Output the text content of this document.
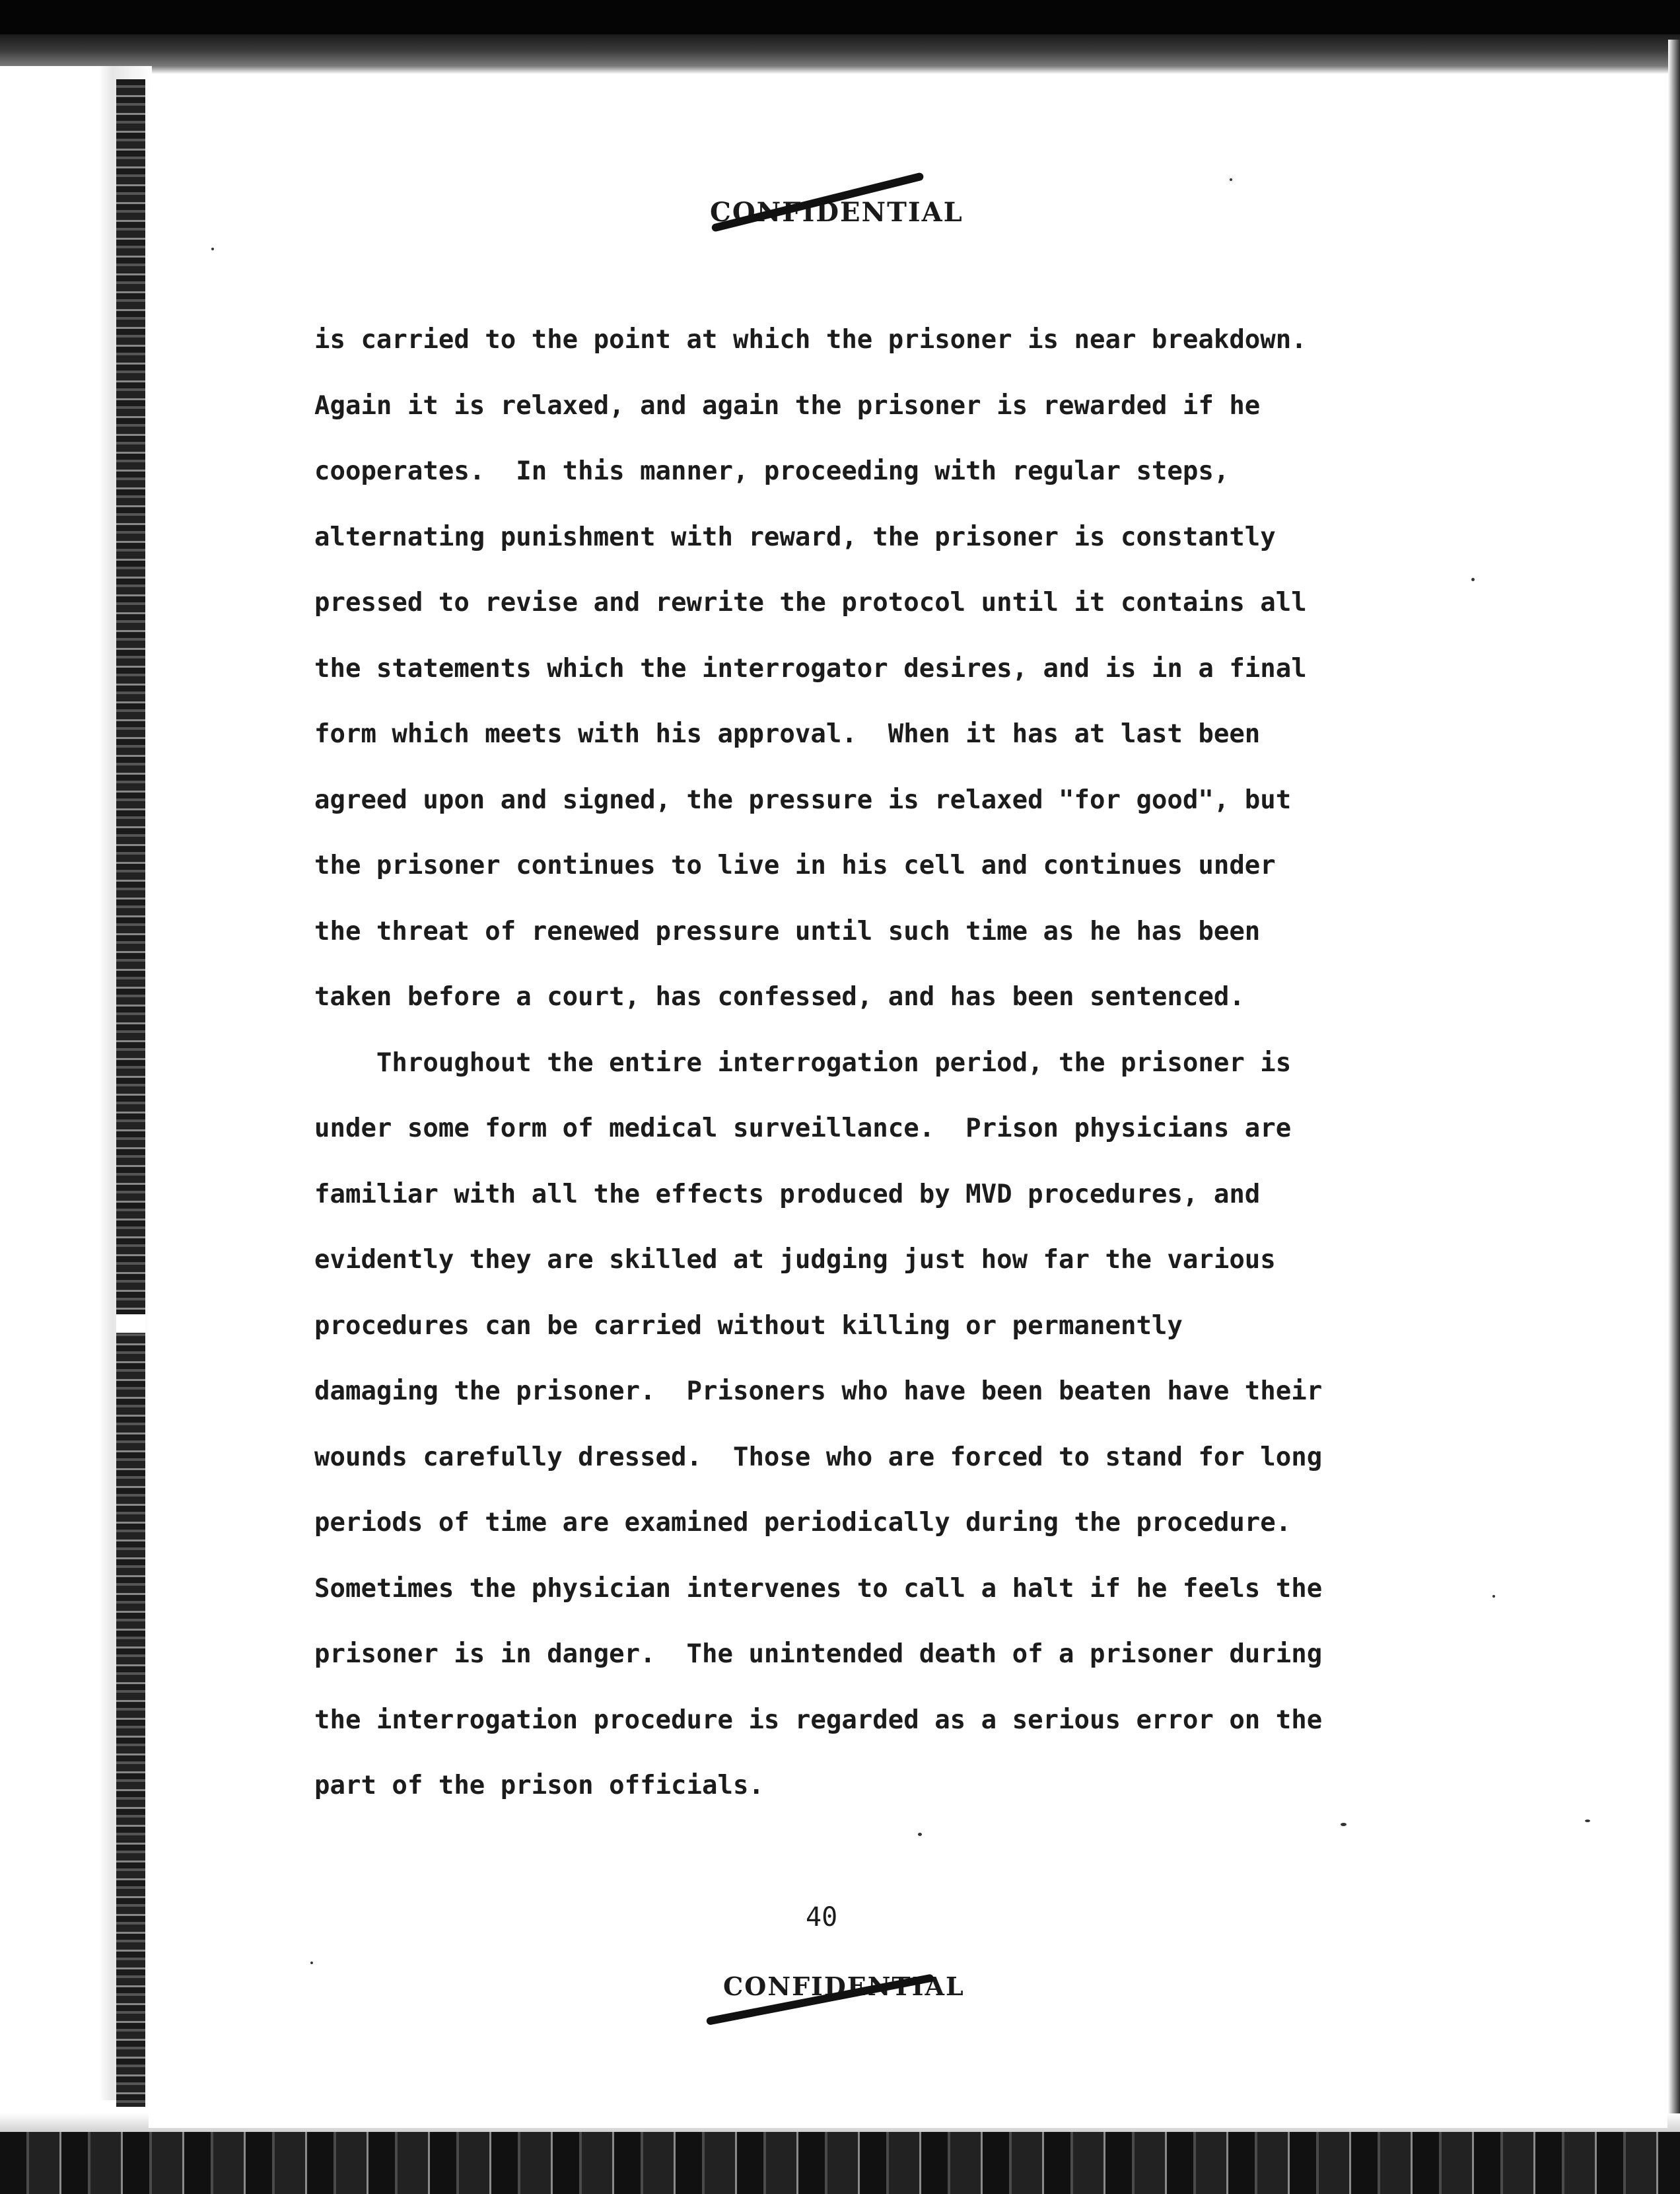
CONFIDENTIAL
is carried to the point at which the prisoner is near breakdown.
Again it is relaxed, and again the prisoner is rewarded if he
cooperates.  In this manner, proceeding with regular steps,
alternating punishment with reward, the prisoner is constantly
pressed to revise and rewrite the protocol until it contains all
the statements which the interrogator desires, and is in a final
form which meets with his approval.  When it has at last been
agreed upon and signed, the pressure is relaxed "for good", but
the prisoner continues to live in his cell and continues under
the threat of renewed pressure until such time as he has been
taken before a court, has confessed, and has been sentenced.
Throughout the entire interrogation period, the prisoner is
under some form of medical surveillance.  Prison physicians are
familiar with all the effects produced by MVD procedures, and
evidently they are skilled at judging just how far the various
procedures can be carried without killing or permanently
damaging the prisoner.  Prisoners who have been beaten have their
wounds carefully dressed.  Those who are forced to stand for long
periods of time are examined periodically during the procedure.
Sometimes the physician intervenes to call a halt if he feels the
prisoner is in danger.  The unintended death of a prisoner during
the interrogation procedure is regarded as a serious error on the
part of the prison officials.
40
CONFIDENTIAL
